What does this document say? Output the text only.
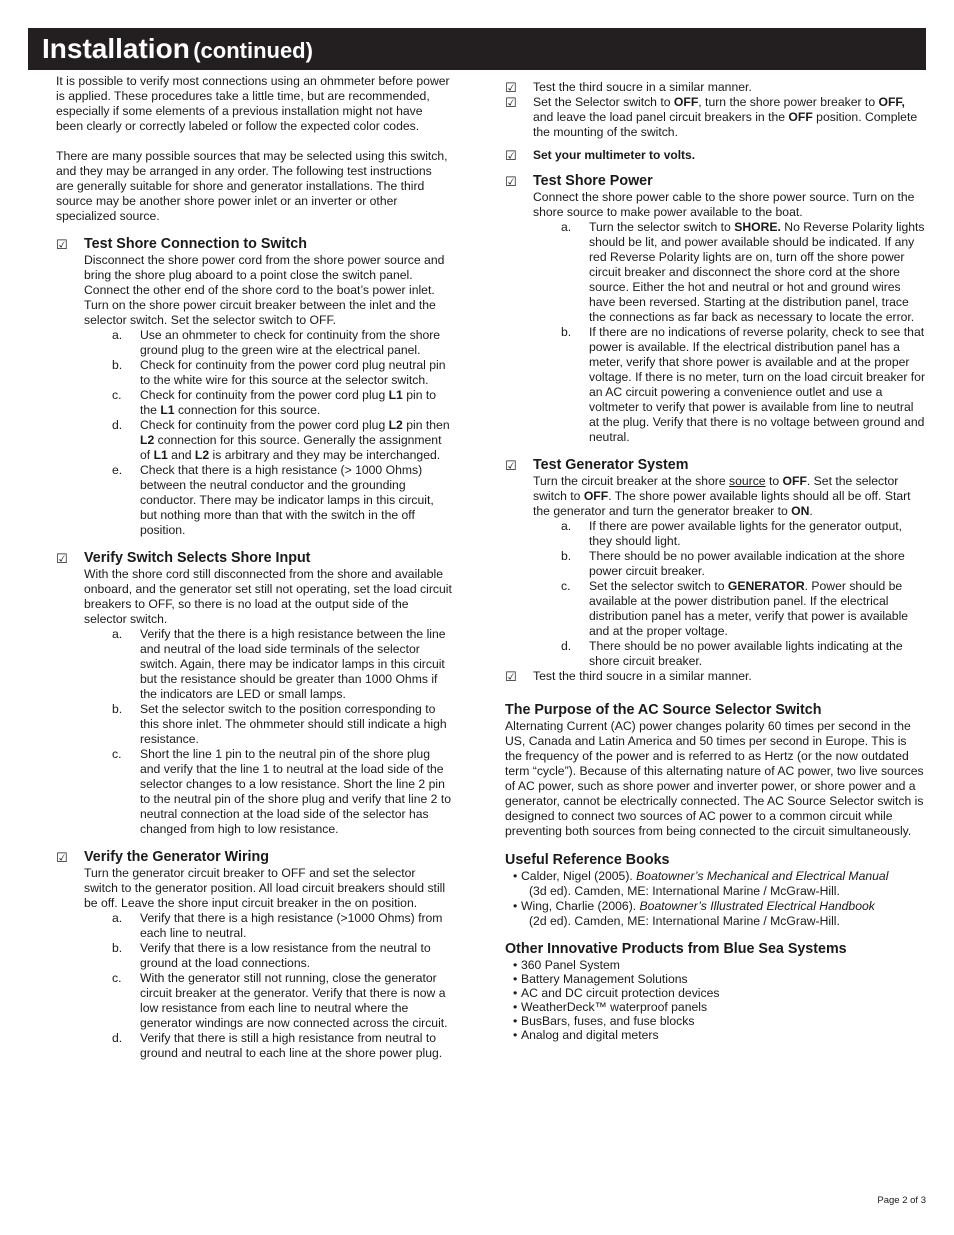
Installation (continued)

It is possible to verify most connections using an ohmmeter before power is applied. These procedures take a little time, but are recommended, especially if some elements of a previous installation might not have been clearly or correctly labeled or follow the expected color codes.

There are many possible sources that may be selected using this switch, and they may be arranged in any order. The following test instructions are generally suitable for shore and generator installations. The third source may be another shore power inlet or an inverter or other specialized source.

☑ Test Shore Connection to Switch

Disconnect the shore power cord from the shore power source and bring the shore plug aboard to a point close the switch panel. Connect the other end of the shore cord to the boat’s power inlet. Turn on the shore power circuit breaker between the inlet and the selector switch. Set the selector switch to OFF.

a. Use an ohmmeter to check for continuity from the shore ground plug to the green wire at the electrical panel.
b. Check for continuity from the power cord plug neutral pin to the white wire for this source at the selector switch.
c. Check for continuity from the power cord plug L1 pin to the L1 connection for this source.
d. Check for continuity from the power cord plug L2 pin then L2 connection for this source. Generally the assignment of L1 and L2 is arbitrary and they may be interchanged.
e. Check that there is a high resistance (> 1000 Ohms) between the neutral conductor and the grounding conductor. There may be indicator lamps in this circuit, but nothing more than that with the switch in the off position.
☑ Verify Switch Selects Shore Input

With the shore cord still disconnected from the shore and available onboard, and the generator set still not operating, set the load circuit breakers to OFF, so there is no load at the output side of the selector switch.

a. Verify that the there is a high resistance between the line and neutral of the load side terminals of the selector switch. Again, there may be indicator lamps in this circuit but the resistance should be greater than 1000 Ohms if the indicators are LED or small lamps.
b. Set the selector switch to the position corresponding to this shore inlet. The ohmmeter should still indicate a high resistance.
c. Short the line 1 pin to the neutral pin of the shore plug and verify that the line 1 to neutral at the load side of the selector changes to a low resistance. Short the line 2 pin to the neutral pin of the shore plug and verify that line 2 to neutral connection at the load side of the selector has changed from high to low resistance.
☑ Verify the Generator Wiring

Turn the generator circuit breaker to OFF and set the selector switch to the generator position. All load circuit breakers should still be off. Leave the shore input circuit breaker in the on position.

a. Verify that there is a high resistance (>1000 Ohms) from each line to neutral.
b. Verify that there is a low resistance from the neutral to ground at the load connections.
c. With the generator still not running, close the generator circuit breaker at the generator. Verify that there is now a low resistance from each line to neutral where the generator windings are now connected across the circuit.
d. Verify that there is still a high resistance from neutral to ground and neutral to each line at the shore power plug.
☑ Test the third soucre in a similar manner.
☑ Set the Selector switch to OFF, turn the shore power breaker to OFF, and leave the load panel circuit breakers in the OFF position. Complete the mounting of the switch.
☑ Set your multimeter to volts.
☑ Test Shore Power

Connect the shore power cable to the shore power source. Turn on the shore source to make power available to the boat.

a. Turn the selector switch to SHORE. No Reverse Polarity lights should be lit, and power available should be indicated. If any red Reverse Polarity lights are on, turn off the shore power circuit breaker and disconnect the shore cord at the shore source. Either the hot and neutral or hot and ground wires have been reversed. Starting at the distribution panel, trace the connections as far back as necessary to locate the error.
b. If there are no indications of reverse polarity, check to see that power is available. If the electrical distribution panel has a meter, verify that shore power is available and at the proper voltage. If there is no meter, turn on the load circuit breaker for an AC circuit powering a convenience outlet and use a voltmeter to verify that power is available from line to neutral at the plug. Verify that there is no voltage between ground and neutral.
☑ Test Generator System

Turn the circuit breaker at the shore source to OFF. Set the selector switch to OFF. The shore power available lights should all be off. Start the generator and turn the generator breaker to ON.

a. If there are power available lights for the generator output, they should light.
b. There should be no power available indication at the shore power circuit breaker.
c. Set the selector switch to GENERATOR. Power should be available at the power distribution panel. If the electrical distribution panel has a meter, verify that power is available and at the proper voltage.
d. There should be no power available lights indicating at the shore circuit breaker.
☑ Test the third soucre in a similar manner.
The Purpose of the AC Source Selector Switch

Alternating Current (AC) power changes polarity 60 times per second in the US, Canada and Latin America and 50 times per second in Europe. This is the frequency of the power and is referred to as Hertz (or the now outdated term “cycle”). Because of this alternating nature of AC power, two live sources of AC power, such as shore power and inverter power, or shore power and a generator, cannot be electrically connected. The AC Source Selector switch is designed to connect two sources of AC power to a common circuit while preventing both sources from being connected to the circuit simultaneously.

Useful Reference Books
• Calder, Nigel (2005). Boatowner’s Mechanical and Electrical Manual
(3d ed). Camden, ME: International Marine / McGraw-Hill.
• Wing, Charlie (2006). Boatowner’s Illustrated Electrical Handbook
(2d ed). Camden, ME: International Marine / McGraw-Hill.
Other Innovative Products from Blue Sea Systems
• 360 Panel System
• Battery Management Solutions
• AC and DC circuit protection devices
• WeatherDeck™ waterproof panels
• BusBars, fuses, and fuse blocks
• Analog and digital meters
Page 2 of 3
